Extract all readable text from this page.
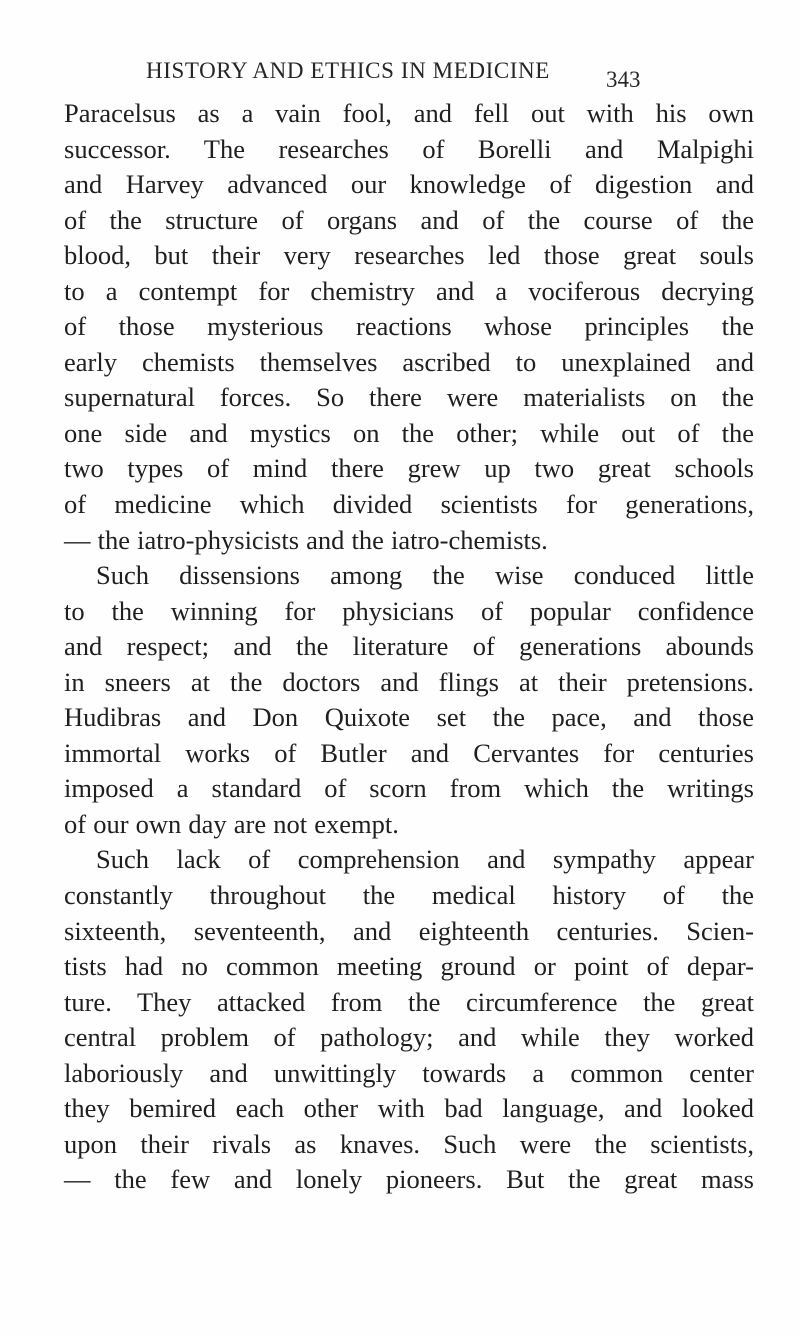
HISTORY AND ETHICS IN MEDICINE 343
Paracelsus as a vain fool, and fell out with his own
successor. The researches of Borelli and Malpighi
and Harvey advanced our knowledge of digestion and
of the structure of organs and of the course of the
blood, but their very researches led those great souls
to a contempt for chemistry and a vociferous decrying
of those mysterious reactions whose principles the
early chemists themselves ascribed to unexplained and
supernatural forces. So there were materialists on the
one side and mystics on the other; while out of the
two types of mind there grew up two great schools
of medicine which divided scientists for generations,
— the iatro-physicists and the iatro-chemists.
Such dissensions among the wise conduced little
to the winning for physicians of popular confidence
and respect; and the literature of generations abounds
in sneers at the doctors and flings at their pretensions.
Hudibras and Don Quixote set the pace, and those
immortal works of Butler and Cervantes for centuries
imposed a standard of scorn from which the writings
of our own day are not exempt.
Such lack of comprehension and sympathy appear
constantly throughout the medical history of the
sixteenth, seventeenth, and eighteenth centuries. Scien-
tists had no common meeting ground or point of depar-
ture. They attacked from the circumference the great
central problem of pathology; and while they worked
laboriously and unwittingly towards a common center
they bemired each other with bad language, and looked
upon their rivals as knaves. Such were the scientists,
— the few and lonely pioneers. But the great mass
